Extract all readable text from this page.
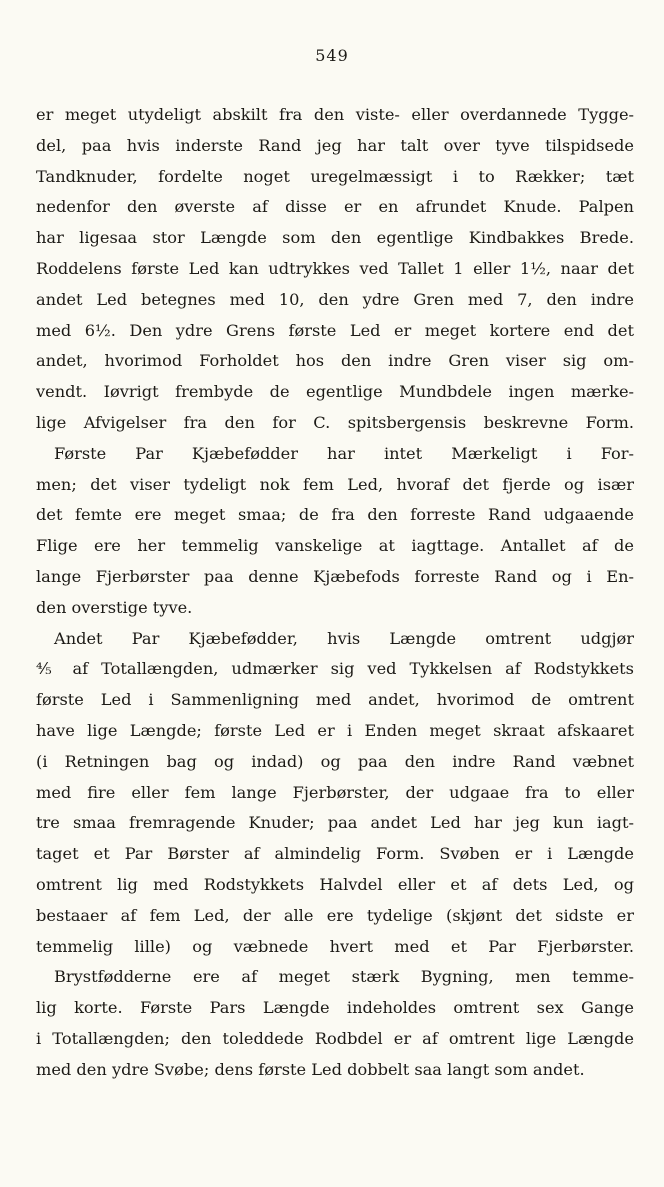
549
er meget utydeligt abskilt fra den viste- eller overdannede Tygge-
del, paa hvis inderste Rand jeg har talt over tyve tilspidsede
Tandknuder, fordelte noget uregelmæssigt i to Rækker; tæt
nedenfor den øverste af disse er en afrundet Knude. Palpen
har ligesaa stor Længde som den egentlige Kindbakkes Brede.
Roddelens første Led kan udtrykkes ved Tallet 1 eller 1½, naar det
andet Led betegnes med 10, den ydre Gren med 7, den indre
med 6½. Den ydre Grens første Led er meget kortere end det
andet, hvorimod Forholdet hos den indre Gren viser sig om-
vendt. Iøvrigt frembyde de egentlige Mundbdele ingen mærke-
lige Afvigelser fra den for C. spitsbergensis beskrevne Form.
Første Par Kjæbefødder har intet Mærkeligt i For-
men; det viser tydeligt nok fem Led, hvoraf det fjerde og især
det femte ere meget smaa; de fra den forreste Rand udgaaende
Flige ere her temmelig vanskelige at iagttage. Antallet af de
lange Fjerbørster paa denne Kjæbefods forreste Rand og i En-
den overstige tyve.
Andet Par Kjæbefødder, hvis Længde omtrent udgjør
⅘ af Totallængden, udmærker sig ved Tykkelsen af Rodstykkets
første Led i Sammenligning med andet, hvorimod de omtrent
have lige Længde; første Led er i Enden meget skraat afskaaret
(i Retningen bag og indad) og paa den indre Rand væbnet
med fire eller fem lange Fjerbørster, der udgaae fra to eller
tre smaa fremragende Knuder; paa andet Led har jeg kun iagt-
taget et Par Børster af almindelig Form. Svøben er i Længde
omtrent lig med Rodstykkets Halvdel eller et af dets Led, og
bestaaer af fem Led, der alle ere tydelige (skjønt det sidste er
temmelig lille) og væbnede hvert med et Par Fjerbørster.
Brystfødderne ere af meget stærk Bygning, men temme-
lig korte. Første Pars Længde indeholdes omtrent sex Gange
i Totallængden; den toleddede Rodbdel er af omtrent lige Længde
med den ydre Svøbe; dens første Led dobbelt saa langt som andet.
